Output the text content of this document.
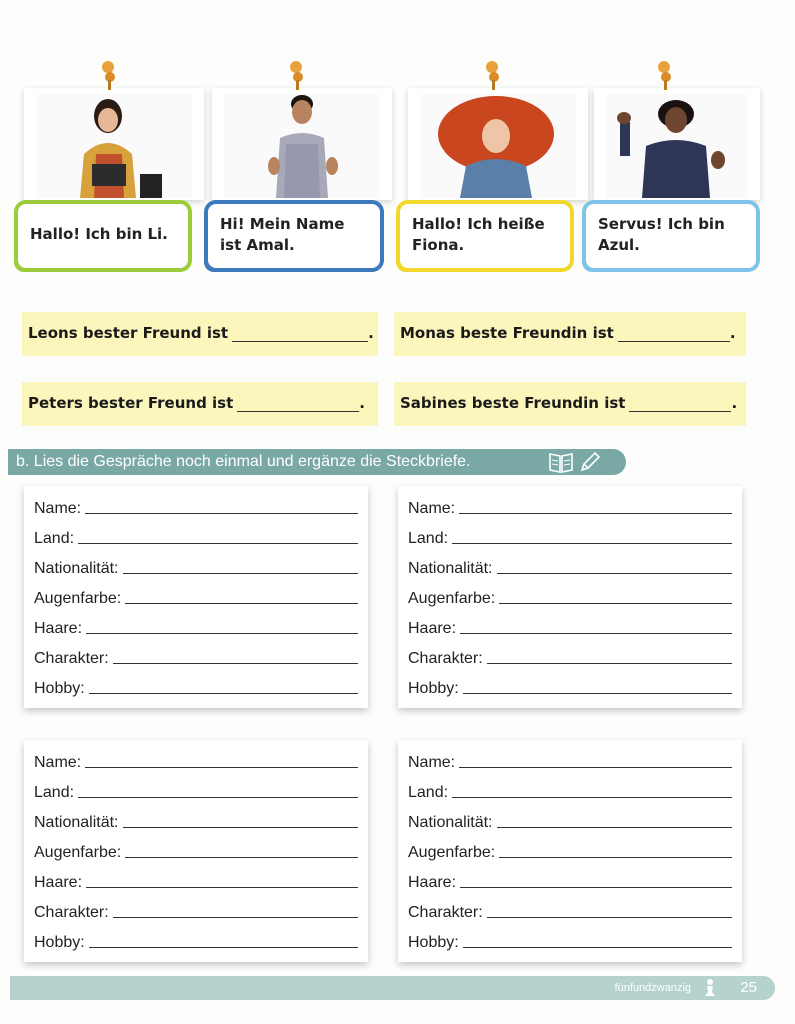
Hallo! Ich bin Li.
Hi! Mein Name ist Amal.
Hallo! Ich heiße Fiona.
Servus! Ich bin Azul.
Leons bester Freund ist	. Monas beste Freundin ist	.
Peters bester Freund ist	. Sabines beste Freundin ist	.
b. Lies die Gespräche noch einmal und ergänze die Steckbriefe.
Name:
Land:
Nationalität:
Augenfarbe:
Haare:
Charakter:
Hobby:
Name:
Land:
Nationalität:
Augenfarbe:
Haare:
Charakter:
Hobby:
Name:
Land:
Nationalität:
Augenfarbe:
Haare:
Charakter:
Hobby:
Name:
Land:
Nationalität:
Augenfarbe:
Haare:
Charakter:
Hobby:
fünfundzwanzig	25
